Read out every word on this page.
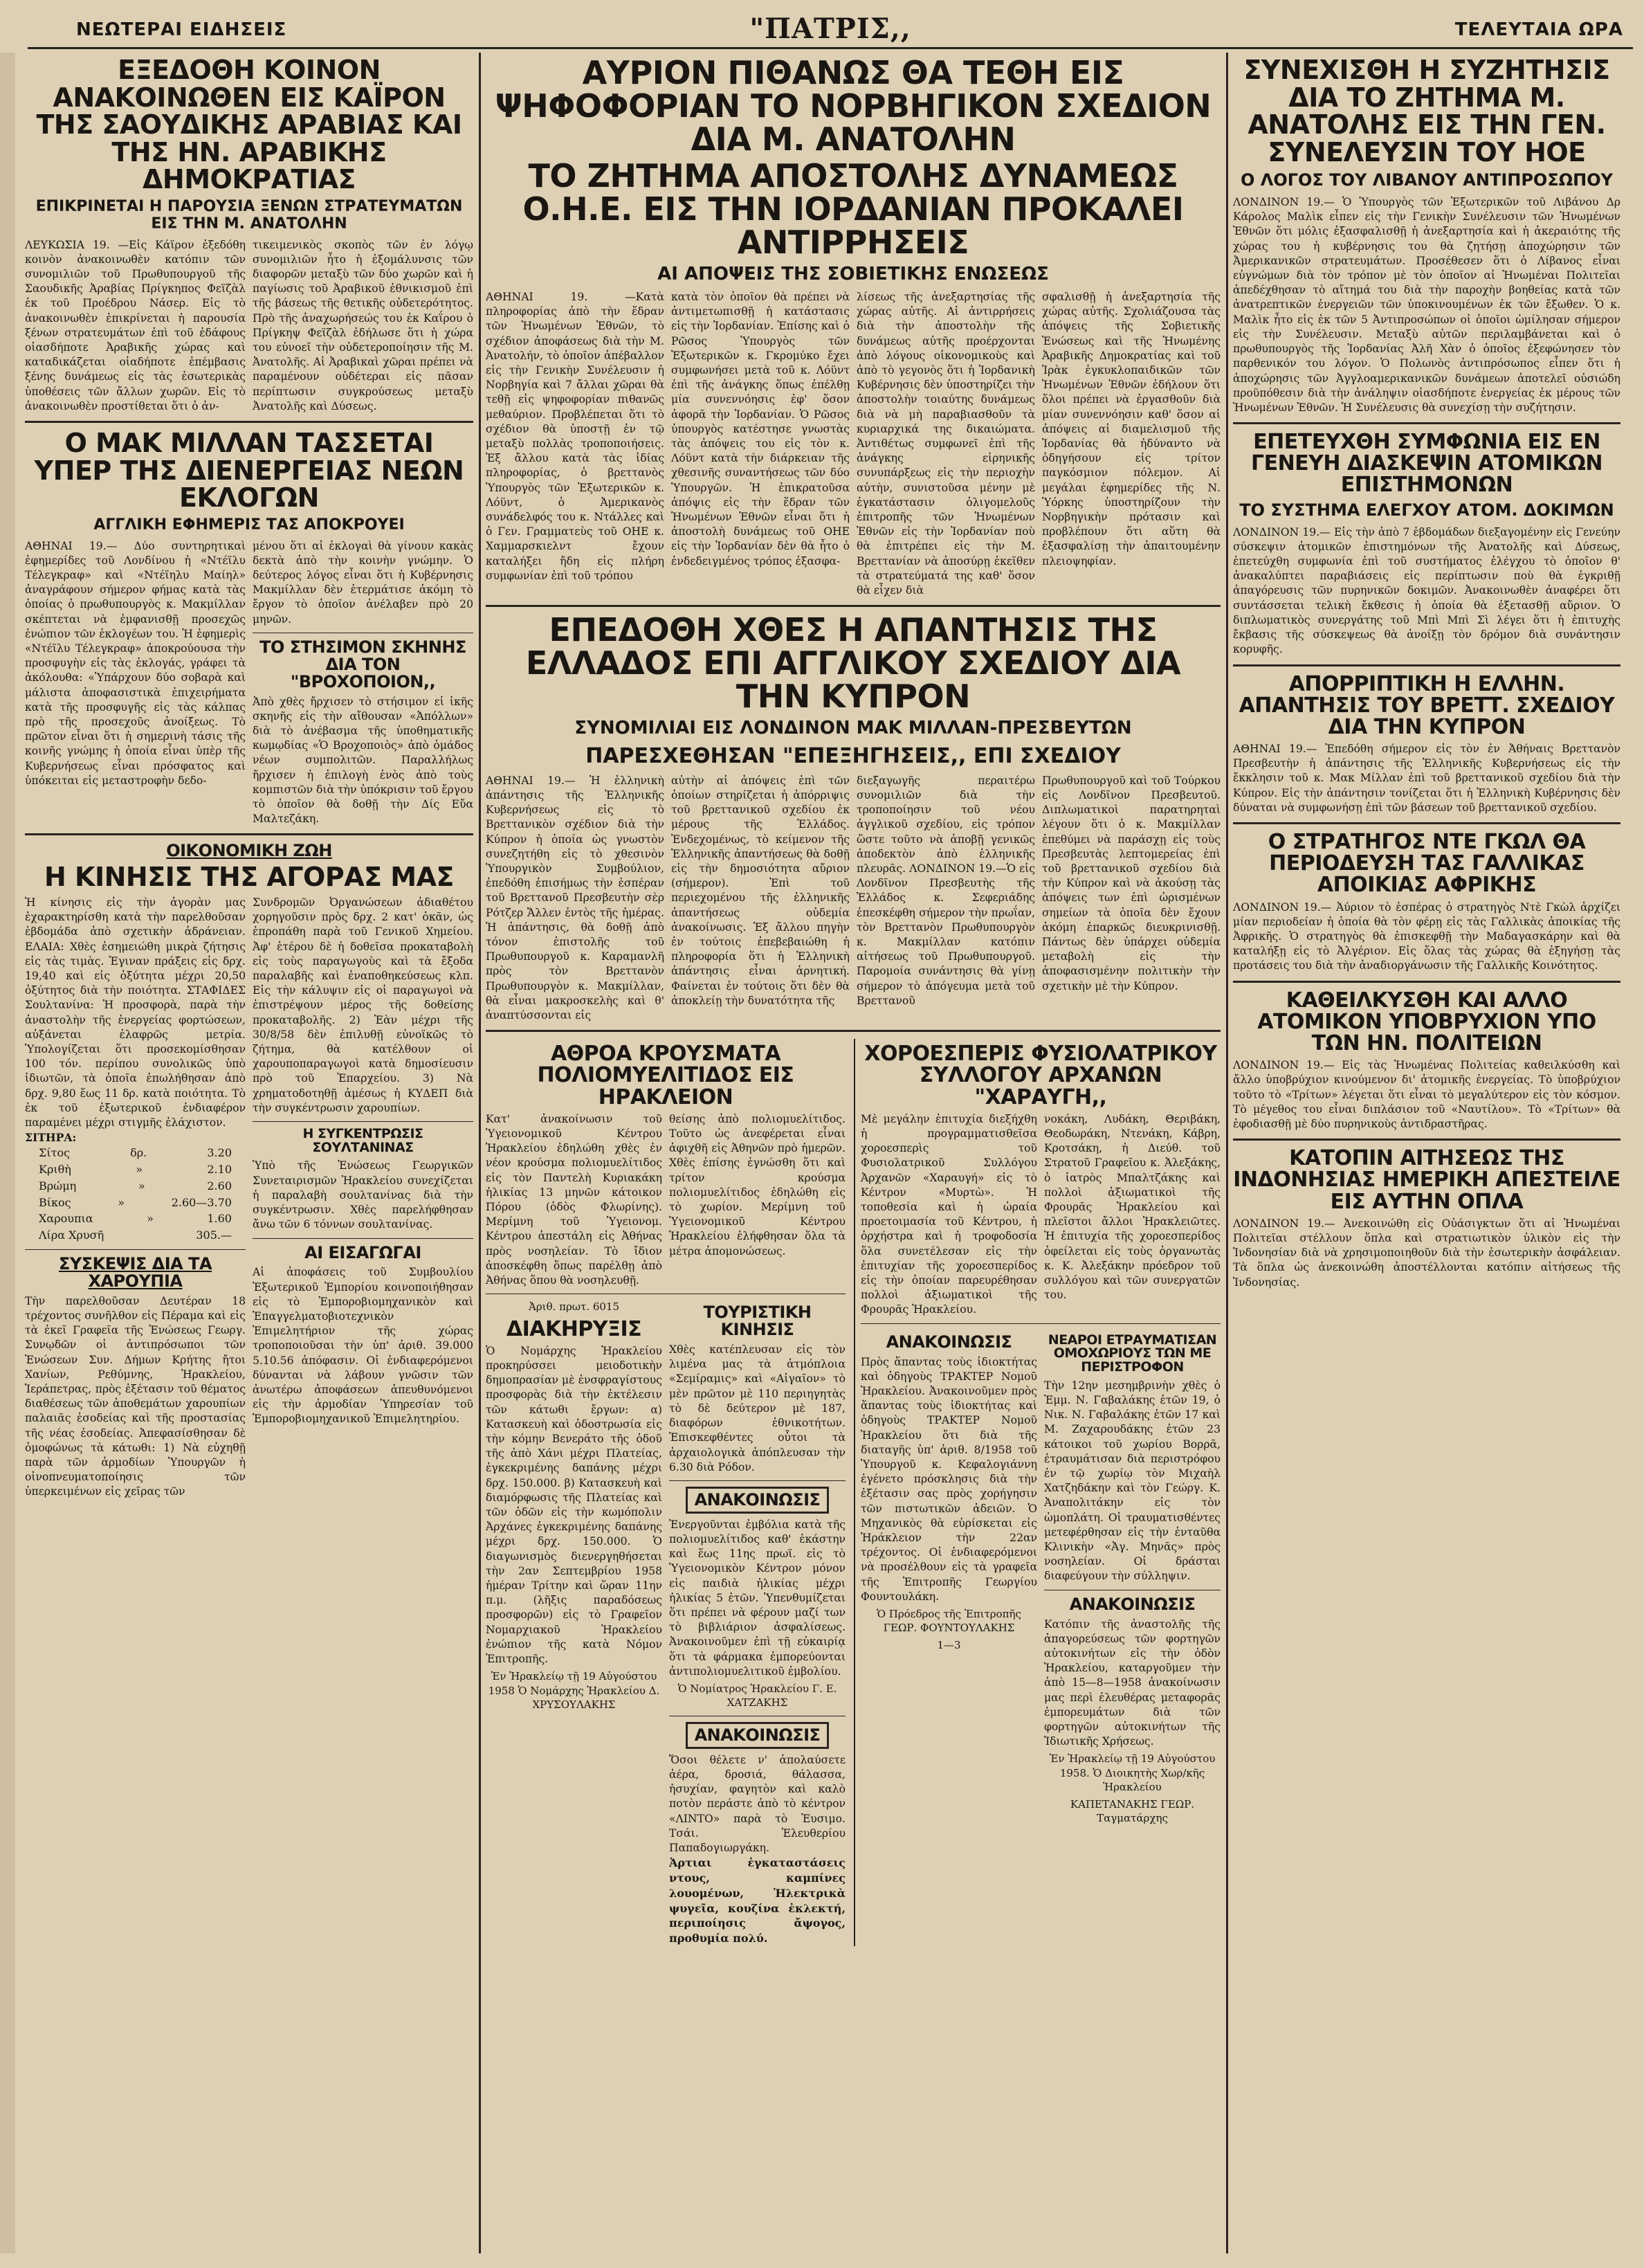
ΝΕΩΤΕΡΑΙ ΕΙΔΗΣΕΙΣ	"ΠΑΤΡΙΣ,,	ΤΕΛΕΥΤΑΙΑ ΩΡΑ
ΕΞΕΔΟΘΗ ΚΟΙΝΟΝ ΑΝΑΚΟΙΝΩΘΕΝ ΕΙΣ ΚΑΪΡΟΝ ΤΗΣ ΣΑΟΥΔΙΚΗΣ ΑΡΑΒΙΑΣ ΚΑΙ ΤΗΣ ΗΝ. ΑΡΑΒΙΚΗΣ ΔΗΜΟΚΡΑΤΙΑΣ
ΕΠΙΚΡΙΝΕΤΑΙ Η ΠΑΡΟΥΣΙΑ ΞΕΝΩΝ ΣΤΡΑΤΕΥΜΑΤΩΝ ΕΙΣ ΤΗΝ Μ. ΑΝΑΤΟΛΗΝ
ΛΕΥΚΩΣΙΑ 19. —Εἰς Κάϊρον ἐξεδόθη κοινὸν ἀνακοινωθὲν κατόπιν τῶν συνομιλιῶν τοῦ Πρωθυπουργοῦ τῆς Σαουδικῆς Ἀραβίας Πρίγκηπος Φεϊζὰλ ἐκ τοῦ Προέδρου Νάσερ. Εἰς τὸ ἀνακοινωθὲν ἐπικρίνεται ἡ παρουσία ξένων στρατευμάτων ἐπὶ τοῦ ἐδάφους οἱασδήποτε Ἀραβικῆς χώρας καὶ καταδικάζεται οἱαδήποτε ἐπέμβασις ξένης δυνάμεως εἰς τὰς ἐσωτερικὰς ὑποθέσεις τῶν ἄλλων χωρῶν. Εἰς τὸ ἀνακοινωθὲν προστίθεται ὅτι ὁ ἀν-
τικειμενικὸς σκοπὸς τῶν ἐν λόγῳ συνομιλιῶν ἦτο ἡ ἐξομάλυνσις τῶν διαφορῶν μεταξὺ τῶν δύο χωρῶν καὶ ἡ παγίωσις τοῦ Ἀραβικοῦ ἐθνικισμοῦ ἐπὶ τῆς βάσεως τῆς θετικῆς οὐδετερότητος. Πρὸ τῆς ἀναχωρήσεώς του ἐκ Καΐρου ὁ Πρίγκηψ Φεϊζὰλ ἐδήλωσε ὅτι ἡ χώρα του εὐνοεῖ τὴν οὐδετεροποίησιν τῆς Μ. Ἀνατολῆς. Αἱ Ἀραβικαὶ χῶραι πρέπει νὰ παραμένουν οὐδέτεραι εἰς πᾶσαν περίπτωσιν συγκρούσεως μεταξὺ Ἀνατολῆς καὶ Δύσεως.
Ο ΜΑΚ ΜΙΛΛΑΝ ΤΑΣΣΕΤΑΙ ΥΠΕΡ ΤΗΣ ΔΙΕΝΕΡΓΕΙΑΣ ΝΕΩΝ ΕΚΛΟΓΩΝ
ΑΓΓΛΙΚΗ ΕΦΗΜΕΡΙΣ ΤΑΣ ΑΠΟΚΡΟΥΕΙ
ΑΘΗΝΑΙ 19.— Δύο συντηρητικαὶ ἐφημερίδες τοῦ Λονδίνου ἡ «Ντέϊλυ Τέλεγκραφ» καὶ «Ντέϊηλυ Μαίηλ» ἀναγράφουν σήμερον φήμας κατὰ τὰς ὁποίας ὁ πρωθυπουργὸς κ. Μακμίλλαν σκέπτεται νὰ ἐμφανισθῇ προσεχῶς ἐνώπιον τῶν ἐκλογέων του. Ἡ ἐφημερὶς «Ντέϊλυ Τέλεγκραφ» ἀποκρούουσα τὴν προσφυγὴν εἰς τὰς ἐκλογάς, γράφει τὰ ἀκόλουθα: «Ὑπάρχουν δύο σοβαρὰ καὶ μάλιστα ἀποφασιστικὰ ἐπιχειρήματα κατὰ τῆς προσφυγῆς εἰς τὰς κάλπας πρὸ τῆς προσεχοῦς ἀνοίξεως. Τὸ πρῶτον εἶναι ὅτι ἡ σημερινὴ τάσις τῆς κοινῆς γνώμης ἡ ὁποία εἶναι ὑπὲρ τῆς Κυβερνήσεως εἶναι πρόσφατος καὶ ὑπόκειται εἰς μεταστροφὴν δεδο-
μένου ὅτι αἱ ἐκλογαὶ θὰ γίνουν κακὰς δεκτὰ ἀπὸ τὴν κοινὴν γνώμην. Ὁ δεύτερος λόγος εἶναι ὅτι ἡ Κυβέρνησις Μακμίλλαν δὲν ἐτερμάτισε ἀκόμη τὸ ἔργον τὸ ὁποῖον ἀνέλαβεν πρὸ 20 μηνῶν.
ΤΟ ΣΤΗΣΙΜΟΝ ΣΚΗΝΗΣ ΔΙΑ ΤΟΝ "ΒΡΟΧΟΠΟΙΟΝ,,
Ἀπὸ χθὲς ἤρχισεν τὸ στήσιμον εἰ ἰκῆς σκηνῆς εἰς τὴν αἴθουσαν «Ἀπόλλων» διὰ τὸ ἀνέβασμα τῆς ὑποθηματικῆς κωμῳδίας «Ὁ Βροχοποιὸς» ἀπὸ ὁμάδος νέων συμπολιτῶν. Παραλλήλως ἤρχισεν ἡ ἐπιλογὴ ἑνὸς ἀπὸ τοὺς κομπιστῶν διὰ τὴν ὑπόκρισιν τοῦ ἔργου τὸ ὁποῖον θὰ δοθῇ τὴν Δίς Εὔα Μαλτεζάκη.
ΟΙΚΟΝΟΜΙΚΗ ΖΩΗ
Η ΚΙΝΗΣΙΣ ΤΗΣ ΑΓΟΡΑΣ ΜΑΣ
Ἡ κίνησις εἰς τὴν ἀγορὰν μας ἐχαρακτηρίσθη κατὰ τὴν παρελθοῦσαν ἑβδομάδα ἀπὸ σχετικὴν ἀδράνειαν. ΕΛΑΙΑ: Χθὲς ἐσημειώθη μικρὰ ζήτησις εἰς τὰς τιμὰς. Ἐγιναν πράξεις εἰς δρχ. 19,40 καὶ εἰς ὀξύτητα μέχρι 20,50 ὀξύτητος διὰ τὴν ποιότητα. ΣΤΑΦΙΔΕΣ Σουλτανίνα: Ἡ προσφορὰ, παρὰ τὴν ἀναστολὴν τῆς ἐνεργείας φορτώσεων, αὐξάνεται ἐλαφρῶς μετρία. Ὑπολογίζεται ὅτι προσεκομίσθησαν 100 τόν. περίπου συνολικῶς ὑπὸ ἰδιωτῶν, τὰ ὁποῖα ἐπωλήθησαν ἀπὸ δρχ. 9,80 ἕως 11 δρ. κατὰ ποιότητα. Τὸ ἐκ τοῦ ἐξωτερικοῦ ἐνδιαφέρον παραμένει μέχρι στιγμῆς ἐλάχιστον.
ΣΙΤΗΡΑ:
Σίτος	δρ.	3.20
Κριθὴ	»	2.10
Βρώμη	»	2.60
Βίκος	»	2.60—3.70
Χαρουπια	»	1.60
Λίρα Χρυσῆ	305.—
ΣΥΣΚΕΨΙΣ ΔΙΑ ΤΑ ΧΑΡΟΥΠΙΑ
Τὴν παρελθοῦσαν Δευτέραν 18 τρέχοντος συνῆλθον εἰς Πέραμα καὶ εἰς τὰ ἐκεῖ Γραφεῖα τῆς Ἑνώσεως Γεωργ. Συνῳδῶν οἱ ἀντιπρόσωποι τῶν Ἑνώσεων Συν. Δήμων Κρήτης ἤτοι Χανίων, Ρεθύμνης, Ἡρακλείου, Ἱεράπετρας, πρὸς ἐξέτασιν τοῦ θέματος διαθέσεως τῶν ἀποθεμάτων χαρουπίων παλαιᾶς ἐσοδείας καὶ τῆς προστασίας τῆς νέας ἐσοδείας. Ἀπεφασίσθησαν δὲ ὁμοφώνως τὰ κάτωθι: 1) Νὰ εὐχηθῇ παρὰ τῶν ἁρμοδίων Ὑπουργῶν ἡ οἰνοπνευματοποίησις τῶν ὑπερκειμένων εἰς χεῖρας τῶν
Συνδρομῶν Ὀργανώσεων ἀδιαθέτου χορηγοῦσιν πρὸς δρχ. 2 κατ' ὀκᾶν, ὡς ἐπροπάθη παρὰ τοῦ Γενικοῦ Χημείου. Ἀφ' ἑτέρου δὲ ἡ δοθεῖσα προκαταβολὴ εἰς τοὺς παραγωγοὺς καὶ τὰ ἔξοδα παραλαβῆς καὶ ἐναποθηκεύσεως κλπ. Εἰς τὴν κάλυψιν εἰς οἱ παραγωγοὶ νὰ ἐπιστρέψουν μέρος τῆς δοθείσης προκαταβολῆς. 2) Ἐὰν μέχρι τῆς 30/8/58 δὲν ἐπιλυθῇ εὐνοϊκῶς τὸ ζήτημα, θὰ κατέλθουν οἱ χαρουποπαραγωγοὶ κατὰ δημοσίευσιν πρὸ τοῦ Ἐπαρχείου. 3) Νὰ χρηματοδοτηθῇ ἀμέσως ἡ ΚΥΔΕΠ διὰ τὴν συγκέντρωσιν χαρουπίων.
Η ΣΥΓΚΕΝΤΡΩΣΙΣ ΣΟΥΛΤΑΝΙΝΑΣ
Ὑπὸ τῆς Ἑνώσεως Γεωργικῶν Συνεταιρισμῶν Ἡρακλείου συνεχίζεται ἡ παραλαβὴ σουλτανίνας διὰ τὴν συγκέντρωσιν. Χθὲς παρελήφθησαν ἄνω τῶν 6 τόννων σουλτανίνας.
ΑΙ ΕΙΣΑΓΩΓΑΙ
Αἱ ἀποφάσεις τοῦ Συμβουλίου Ἐξωτερικοῦ Ἐμπορίου κοινοποιήθησαν εἰς τὸ Ἐμποροβιομηχανικὸν καὶ Ἐπαγγελματοβιοτεχνικὸν Ἐπιμελητήριον τῆς χώρας τροποποιοῦσαι τὴν ὑπ' ἀριθ. 39.000 5.10.56 ἀπόφασιν. Οἱ ἐνδιαφερόμενοι δύνανται νὰ λάβουν γνῶσιν τῶν ἀνωτέρω ἀποφάσεων ἀπευθυνόμενοι εἰς τὴν ἁρμοδίαν Ὑπηρεσίαν τοῦ Ἐμποροβιομηχανικοῦ Ἐπιμελητηρίου.
ΑΥΡΙΟΝ ΠΙΘΑΝΩΣ ΘΑ ΤΕΘΗ ΕΙΣ ΨΗΦΟΦΟΡΙΑΝ ΤΟ ΝΟΡΒΗΓΙΚΟΝ ΣΧΕΔΙΟΝ ΔΙΑ Μ. ΑΝΑΤΟΛΗΝ
ΤΟ ΖΗΤΗΜΑ ΑΠΟΣΤΟΛΗΣ ΔΥΝΑΜΕΩΣ Ο.Η.Ε. ΕΙΣ ΤΗΝ ΙΟΡΔΑΝΙΑΝ ΠΡΟΚΑΛΕΙ ΑΝΤΙΡΡΗΣΕΙΣ
ΑΙ ΑΠΟΨΕΙΣ ΤΗΣ ΣΟΒΙΕΤΙΚΗΣ ΕΝΩΣΕΩΣ
ΑΘΗΝΑΙ 19. —Κατὰ πληροφορίας ἀπὸ τὴν ἕδραν τῶν Ἡνωμένων Ἐθνῶν, τὸ σχέδιον ἀποφάσεως διὰ τὴν Μ. Ἀνατολήν, τὸ ὁποῖον ἀπέβαλλον εἰς τὴν Γενικὴν Συνέλευσιν ἡ Νορβηγία καὶ 7 ἄλλαι χῶραι θὰ τεθῇ εἰς ψηφοφορίαν πιθανῶς μεθαύριον. Προβλέπεται ὅτι τὸ σχέδιον θὰ ὑποστῇ ἐν τῷ μεταξὺ πολλὰς τροποποιήσεις. Ἐξ ἄλλου κατὰ τὰς ἰδίας πληροφορίας, ὁ βρεττανὸς Ὑπουργὸς τῶν Ἐξωτερικῶν κ. Λόϋντ, ὁ Ἀμερικανὸς συνάδελφός του κ. Ντάλλες καὶ ὁ Γεν. Γραμματεὺς τοῦ ΟΗΕ κ. Χαμμαρσκιελντ ἔχουν καταλήξει ἤδη εἰς πλήρη συμφωνίαν ἐπὶ τοῦ τρόπου
κατὰ τὸν ὁποῖον θὰ πρέπει νὰ ἀντιμετωπισθῇ ἡ κατάστασις εἰς τὴν Ἰορδανίαν. Ἐπίσης καὶ ὁ Ρῶσος Ὑπουργὸς τῶν Ἐξωτερικῶν κ. Γκρομύκο ἔχει συμφωνήσει μετὰ τοῦ κ. Λόϋντ ἐπὶ τῆς ἀνάγκης ὅπως ἐπέλθῃ μία συνεννόησις ἐφ' ὅσον ἀφορᾶ τὴν Ἰορδανίαν. Ὁ Ρῶσος ὑπουργὸς κατέστησε γνωστὰς τὰς ἀπόψεις του εἰς τὸν κ. Λόϋντ κατὰ τὴν διάρκειαν τῆς χθεσινῆς συναντήσεως τῶν δύο Ὑπουργῶν. Ἡ ἐπικρατοῦσα ἀπόψις εἰς τὴν ἕδραν τῶν Ἡνωμένων Ἐθνῶν εἶναι ὅτι ἡ ἀποστολὴ δυνάμεως τοῦ ΟΗΕ εἰς τὴν Ἰορδανίαν δὲν θὰ ἦτο ὁ ἐνδεδειγμένος τρόπος ἐξασφα-
λίσεως τῆς ἀνεξαρτησίας τῆς χώρας αὐτῆς. Αἱ ἀντιρρήσεις διὰ τὴν ἀποστολὴν τῆς δυνάμεως αὐτῆς προέρχονται ἀπὸ λόγους οἰκονομικοὺς καὶ ἀπὸ τὸ γεγονὸς ὅτι ἡ Ἰορδανικὴ Κυβέρνησις δὲν ὑποστηρίζει τὴν ἀποστολὴν τοιαύτης δυνάμεως διὰ νὰ μὴ παραβιασθοῦν τὰ κυριαρχικά της δικαιώματα. Ἀντιθέτως συμφωνεῖ ἐπὶ τῆς ἀνάγκης εἰρηνικῆς συνυπάρξεως εἰς τὴν περιοχὴν αὐτὴν, συνιστοῦσα μένην μὲ ἐγκατάστασιν ὀλιγομελοῦς ἐπιτροπῆς τῶν Ἡνωμένων Ἐθνῶν εἰς τὴν Ἰορδανίαν ποὺ θὰ ἐπιτρέπει εἰς τὴν Μ. Βρεττανίαν νὰ ἀποσύρῃ ἐκεῖθεν τὰ στρατεύματά της καθ' ὅσον θὰ εἶχεν διὰ
σφαλισθῇ ἡ ἀνεξαρτησία τῆς χώρας αὐτῆς. Σχολιάζουσα τὰς ἀπόψεις τῆς Σοβιετικῆς Ἑνώσεως καὶ τῆς Ἡνωμένης Ἀραβικῆς Δημοκρατίας καὶ τοῦ Ἰρὰκ ἐγκυκλοπαιδικῶν τῶν Ἡνωμένων Ἐθνῶν ἐδήλουν ὅτι ὅλοι πρέπει νὰ ἐργασθοῦν διὰ μίαν συνεννόησιν καθ' ὅσον αἱ ἀπόψεις αἱ διαμελισμοῦ τῆς Ἰορδανίας θὰ ἠδύναντο νὰ ὁδηγήσουν εἰς τρίτον παγκόσμιον πόλεμον. Αἱ μεγάλαι ἐφημερίδες τῆς Ν. Ὑόρκης ὑποστηρίζουν τὴν Νορβηγικὴν πρότασιν καὶ προβλέπουν ὅτι αὕτη θὰ ἐξασφαλίσῃ τὴν ἀπαιτουμένην πλειοψηφίαν.
ΕΠΕΔΟΘΗ ΧΘΕΣ Η ΑΠΑΝΤΗΣΙΣ ΤΗΣ ΕΛΛΑΔΟΣ ΕΠΙ ΑΓΓΛΙΚΟΥ ΣΧΕΔΙΟΥ ΔΙΑ ΤΗΝ ΚΥΠΡΟΝ
ΣΥΝΟΜΙΛΙΑΙ ΕΙΣ ΛΟΝΔΙΝΟΝ ΜΑΚ ΜΙΛΛΑΝ-ΠΡΕΣΒΕΥΤΩΝ
ΠΑΡΕΣΧΕΘΗΣΑΝ "ΕΠΕΞΗΓΗΣΕΙΣ,, ΕΠΙ ΣΧΕΔΙΟΥ
ΑΘΗΝΑΙ 19.— Ἡ ἑλληνικὴ ἀπάντησις τῆς Ἑλληνικῆς Κυβερνήσεως εἰς τὸ Βρεττανικὸν σχέδιον διὰ τὴν Κύπρον ἡ ὁποία ὡς γνωστὸν συνεζητήθη εἰς τὸ χθεσινὸν Ὑπουργικὸν Συμβούλιον, ἐπεδόθη ἐπισήμως τὴν ἑσπέραν τοῦ Βρεττανοῦ Πρεσβευτὴν σὲρ Ρότζερ Ἄλλεν ἐντὸς τῆς ἡμέρας. Ἡ ἀπάντησις, θὰ δοθῇ ἀπὸ τόνον ἐπιστολῆς τοῦ Πρωθυπουργοῦ κ. Καραμανλῆ πρὸς τὸν Βρεττανὸν Πρωθυπουργὸν κ. Μακμίλλαν, θὰ εἶναι μακροσκελὴς καὶ θ' ἀναπτύσσονται εἰς
αὐτὴν αἱ ἀπόψεις ἐπὶ τῶν ὁποίων στηρίζεται ἡ ἀπόρριψις τοῦ βρεττανικοῦ σχεδίου ἐκ μέρους τῆς Ἑλλάδος. Ἐνδεχομένως, τὸ κείμενον τῆς Ἑλληνικῆς ἀπαντήσεως θὰ δοθῇ εἰς τὴν δημοσιότητα αὔριον (σήμερον). Ἐπὶ τοῦ περιεχομένου τῆς ἑλληνικῆς ἀπαντήσεως οὐδεμία ἀνακοίνωσις. Ἐξ ἄλλου πηγὴν ἐν τούτοις ἐπεβεβαιώθη ἡ πληροφορία ὅτι ἡ Ἑλληνικὴ ἀπάντησις εἶναι ἀρνητική. Φαίνεται ἐν τούτοις ὅτι δὲν θὰ ἀποκλείῃ τὴν δυνατότητα τῆς
διεξαγωγῆς περαιτέρω συνομιλιῶν διὰ τὴν τροποποίησιν τοῦ νέου ἀγγλικοῦ σχεδίου, εἰς τρόπον ὥστε τοῦτο νὰ ἀποβῇ γενικῶς ἀποδεκτὸν ἀπὸ ἑλληνικῆς πλευρᾶς. ΛΟΝΔΙΝΟΝ 19.—Ὁ εἰς Λονδῖνον Πρεσβευτὴς τῆς Ἑλλάδος κ. Σεφεριάδης ἐπεσκέφθη σήμερον τὴν πρωΐαν, τὸν Βρεττανὸν Πρωθυπουργὸν κ. Μακμίλλαν κατόπιν αἰτήσεως τοῦ Πρωθυπουργοῦ. Παρομοία συνάντησις θὰ γίνῃ σήμερον τὸ ἀπόγευμα μετὰ τοῦ Βρεττανοῦ
Πρωθυπουργοῦ καὶ τοῦ Τούρκου εἰς Λονδῖνον Πρεσβευτοῦ. Διπλωματικοὶ παρατηρηταὶ λέγουν ὅτι ὁ κ. Μακμίλλαν ἐπεθύμει νὰ παράσχῃ εἰς τοὺς Πρεσβευτὰς λεπτομερείας ἐπὶ τοῦ βρεττανικοῦ σχεδίου διὰ τὴν Κύπρον καὶ νὰ ἀκούσῃ τὰς ἀπόψεις των ἐπὶ ὡρισμένων σημείων τὰ ὁποῖα δὲν ἔχουν ἀκόμη ἐπαρκῶς διευκρινισθῇ. Πάντως δὲν ὑπάρχει οὐδεμία μεταβολὴ εἰς τὴν ἀποφασισμένην πολιτικὴν τὴν σχετικὴν μὲ τὴν Κύπρον.
ΑΘΡΟΑ ΚΡΟΥΣΜΑΤΑ ΠΟΛΙΟΜΥΕΛΙΤΙΔΟΣ ΕΙΣ ΗΡΑΚΛΕΙΟΝ
Κατ' ἀνακοίνωσιν τοῦ Ὑγειονομικοῦ Κέντρου Ἡρακλείου ἐδηλώθη χθὲς ἐν νέον κρούσμα πολιομυελίτιδος εἰς τὸν Παντελὴ Κυριακάκη ἡλικίας 13 μηνῶν κάτοικον Πόρου (ὁδὸς Φλωρίνης). Μερίμνη τοῦ Ὑγειονομ. Κέντρου ἀπεστάλη εἰς Ἀθήνας πρὸς νοσηλείαν. Τὸ ἴδιον ἀποσκέφθη ὅπως παρέλθῃ ἀπὸ Ἀθήνας ὅπου θὰ νοσηλευθῇ.
θείσης ἀπὸ πολιομυελίτιδος. Τοῦτο ὡς ἀνεφέρεται εἶναι ἀφιχθῆ εἰς Ἀθηνῶν πρὸ ἡμερῶν. Χθὲς ἐπίσης ἐγνώσθη ὅτι καὶ τρίτον κρούσμα πολιομυελίτιδος ἐδηλώθη εἰς τὸ χωρίον. Μερίμνη τοῦ Ὑγειονομικοῦ Κέντρου Ἡρακλείου ἐλήφθησαν ὅλα τὰ μέτρα ἀπομονώσεως.
Ἀριθ. πρωτ. 6015
ΔΙΑΚΗΡΥΞΙΣ
Ὁ Νομάρχης Ἡρακλείου προκηρύσσει μειοδοτικὴν δημοπρασίαν μὲ ἐνσφραγίστους προσφορὰς διὰ τὴν ἐκτέλεσιν τῶν κάτωθι ἔργων: α) Κατασκευὴ καὶ ὁδοστρωσία εἰς τὴν κόμην Βενεράτο τῆς ὁδοῦ τῆς ἀπὸ Χάνι μέχρι Πλατείας, ἐγκεκριμένης δαπάνης μέχρι δρχ. 150.000. β) Κατασκευὴ καὶ διαμόρφωσις τῆς Πλατείας καὶ τῶν ὁδῶν εἰς τὴν κωμόπολιν Ἀρχάνες ἐγκεκριμένης δαπάνης μέχρι δρχ. 150.000. Ὁ διαγωνισμὸς διενεργηθήσεται τὴν 2αν Σεπτεμβρίου 1958 ἡμέραν Τρίτην καὶ ὥραν 11ην π.μ. (λῆξις παραδόσεως προσφορῶν) εἰς τὸ Γραφεῖον Νομαρχιακοῦ Ἡρακλείου ἐνώπιον τῆς κατὰ Νόμον Ἐπιτροπῆς.
Ἐν Ἡρακλείῳ τῇ 19 Αὐγούστου 1958 Ὁ Νομάρχης Ἡρακλείου Δ. ΧΡΥΣΟΥΛΑΚΗΣ
ΤΟΥΡΙΣΤΙΚΗ ΚΙΝΗΣΙΣ
Χθὲς κατέπλευσαν εἰς τὸν λιμένα μας τὰ ἀτμόπλοια «Σεμίραμις» καὶ «Αἰγαῖον» τὸ μὲν πρῶτον μὲ 110 περιηγητὰς τὸ δὲ δεύτερον μὲ 187, διαφόρων ἐθνικοτήτων. Ἐπισκεφθέντες οὗτοι τὰ ἀρχαιολογικὰ ἀπόπλευσαν τὴν 6.30 διὰ Ρόδον.
ΑΝΑΚΟΙΝΩΣΙΣ
Ἐνεργοῦνται ἐμβόλια κατὰ τῆς πολιομυελίτιδος καθ' ἑκάστην καὶ ἕως 11ης πρωϊ. εἰς τὸ Ὑγειονομικὸν Κέντρον μόνον εἰς παιδιὰ ἡλικίας μέχρι ἡλικίας 5 ἐτῶν. Ὑπενθυμίζεται ὅτι πρέπει νὰ φέρουν μαζί των τὸ βιβλιάριον ἀσφαλίσεως. Ἀνακοινοῦμεν ἐπὶ τῇ εὐκαιρίᾳ ὅτι τὰ φάρμακα ἐμπορεύονται ἀντιπολιομυελιτικοῦ ἐμβολίου.
Ὁ Νομίατρος Ἡρακλείου Γ. Ε. ΧΑΤΖΑΚΗΣ
ΑΝΑΚΟΙΝΩΣΙΣ
Ὅσοι θέλετε ν' ἀπολαύσετε ἀέρα, δροσιά, θάλασσα, ἡσυχίαν, φαγητὸν καὶ καλὸ ποτὸν περάστε ἀπὸ τὸ κέντρον «ΛΙΝΤΟ» παρὰ τὸ Ἐυσιμο. Τσάι. Ἐλευθερίου Παπαδογιωργάκη.
Ἀρτιαι ἐγκαταστάσεις ντους, καμπίνες λουομένων, Ἠλεκτρικὰ ψυγεῖα, κουζίνα ἐκλεκτή, περιποίησις ἄψογος, προθυμία πολύ.
ΧΟΡΟΕΣΠΕΡΙΣ ΦΥΣΙΟΛΑΤΡΙΚΟΥ ΣΥΛΛΟΓΟΥ ΑΡΧΑΝΩΝ "ΧΑΡΑΥΓΗ,,
Μὲ μεγάλην ἐπιτυχία διεξήχθη ἡ προγραμματισθεῖσα χοροεσπερὶς τοῦ Φυσιολατρικοῦ Συλλόγου Ἀρχανῶν «Χαραυγή» εἰς τὸ Κέντρον «Μυρτὼ». Ἡ τοποθεσία καὶ ἡ ὡραία προετοιμασία τοῦ Κέντρου, ἡ ὀρχήστρα καὶ ἡ τροφοδοσία ὅλα συνετέλεσαν εἰς τὴν ἐπιτυχίαν τῆς χοροεσπερίδος εἰς τὴν ὁποίαν παρευρέθησαν πολλοὶ ἀξιωματικοὶ τῆς Φρουρᾶς Ἡρακλείου.
νοκάκη, Λυδάκη, Θεριβάκη, Θεοδωράκη, Ντενάκη, Κάβρη, Κροτσάκη, ἡ Διεύθ. τοῦ Στρατοῦ Γραφεῖου κ. Ἀλεξάκης, ὁ ἰατρὸς Μπαλτζάκης καὶ πολλοὶ ἀξιωματικοὶ τῆς Φρουρᾶς Ἡρακλείου καὶ πλεῖστοι ἄλλοι Ἡρακλειῶτες. Ἡ ἐπιτυχία τῆς χοροεσπερίδος ὀφείλεται εἰς τοὺς ὀργανωτὰς κ. Κ. Ἀλεξάκην πρόεδρον τοῦ συλλόγου καὶ τῶν συνεργατῶν του.
ΑΝΑΚΟΙΝΩΣΙΣ
Πρὸς ἅπαντας τοὺς ἰδιοκτήτας καὶ ὁδηγοὺς ΤΡΑΚΤΕΡ Νομοῦ Ἡρακλείου. Ἀνακοινοῦμεν πρὸς ἅπαντας τοὺς ἰδιοκτήτας καὶ ὁδηγοὺς ΤΡΑΚΤΕΡ Νομοῦ Ἡρακλείου ὅτι διὰ τῆς διαταγῆς ὑπ' ἀριθ. 8/1958 τοῦ Ὑπουργοῦ κ. Κεφαλογιάννη ἐγένετο πρόσκλησις διὰ τὴν ἐξέτασιν σας πρὸς χορήγησιν τῶν πιστωτικῶν ἀδειῶν. Ὁ Μηχανικὸς θὰ εὑρίσκεται εἰς Ἡράκλειον τὴν 22αν τρέχοντος. Οἱ ἐνδιαφερόμενοι νὰ προσέλθουν εἰς τὰ γραφεῖα τῆς Ἐπιτροπῆς Γεωργίου Φουντουλάκη.
Ὁ Πρόεδρος τῆς Ἐπιτροπῆς ΓΕΩΡ. ΦΟΥΝΤΟΥΛΑΚΗΣ
1—3
ΝΕΑΡΟΙ ΕΤΡΑΥΜΑΤΙΣΑΝ ΟΜΟΧΩΡΙΟΥΣ ΤΩΝ ΜΕ ΠΕΡΙΣΤΡΟΦΟΝ
Τὴν 12ην μεσημβρινὴν χθὲς ὁ Ἐμμ. Ν. Γαβαλάκης ἐτῶν 19, ὁ Νικ. Ν. Γαβαλάκης ἐτῶν 17 καὶ Μ. Ζαχαρουδάκης ἐτῶν 23 κάτοικοι τοῦ χωρίου Βορρᾶ, ἐτραυμάτισαν διὰ περιστρόφου ἐν τῷ χωρίῳ τὸν Μιχαὴλ Χατζηδάκην καὶ τὸν Γεώργ. Κ. Ἀναπολιτάκην εἰς τὸν ὠμοπλάτη. Οἱ τραυματισθέντες μετεφέρθησαν εἰς τὴν ἐνταῦθα Κλινικὴν «Ἀγ. Μηνᾶς» πρὸς νοσηλείαν. Οἱ δράσται διαφεύγουν τὴν σύλληψιν.
ΑΝΑΚΟΙΝΩΣΙΣ
Κατόπιν τῆς ἀναστολῆς τῆς ἀπαγορεύσεως τῶν φορτηγῶν αὐτοκινήτων εἰς τὴν ὁδὸν Ἡρακλείου, καταργοῦμεν τὴν ἀπὸ 15—8—1958 ἀνακοίνωσιν μας περὶ ἐλευθέρας μεταφορᾶς ἐμπορευμάτων διὰ τῶν φορτηγῶν αὐτοκινήτων τῆς Ἰδιωτικῆς Χρήσεως.
Ἐν Ἡρακλείῳ τῇ 19 Αὐγούστου 1958. Ὁ Διοικητὴς Χωρ/κῆς Ἡρακλείου
ΚΑΠΕΤΑΝΑΚΗΣ ΓΕΩΡ. Ταγματάρχης
ΣΥΝΕΧΙΣΘΗ Η ΣΥΖΗΤΗΣΙΣ ΔΙΑ ΤΟ ΖΗΤΗΜΑ Μ. ΑΝΑΤΟΛΗΣ ΕΙΣ ΤΗΝ ΓΕΝ. ΣΥΝΕΛΕΥΣΙΝ ΤΟΥ ΗΟΕ
Ο ΛΟΓΟΣ ΤΟΥ ΛΙΒΑΝΟΥ ΑΝΤΙΠΡΟΣΩΠΟΥ
ΛΟΝΔΙΝΟΝ 19.— Ὁ Ὑπουργὸς τῶν Ἐξωτερικῶν τοῦ Λιβάνου Δρ Κάρολος Μαλὶκ εἶπεν εἰς τὴν Γενικὴν Συνέλευσιν τῶν Ἡνωμένων Ἐθνῶν ὅτι μόλις ἐξασφαλισθῇ ἡ ἀνεξαρτησία καὶ ἡ ἀκεραιότης τῆς χώρας του ἡ κυβέρνησις του θὰ ζητήσῃ ἀποχώρησιν τῶν Ἀμερικανικῶν στρατευμάτων. Προσέθεσεν ὅτι ὁ Λίβανος εἶναι εὐγνώμων διὰ τὸν τρόπον μὲ τὸν ὁποῖον αἱ Ἡνωμέναι Πολιτεῖαι ἀπεδέχθησαν τὸ αἴτημά του διὰ τὴν παροχὴν βοηθείας κατὰ τῶν ἀνατρεπτικῶν ἐνεργειῶν τῶν ὑποκινουμένων ἐκ τῶν ἔξωθεν. Ὁ κ. Μαλὶκ ἦτο εἰς ἐκ τῶν 5 Ἀντιπροσώπων οἱ ὁποῖοι ὡμίλησαν σήμερον εἰς τὴν Συνέλευσιν. Μεταξὺ αὐτῶν περιλαμβάνεται καὶ ὁ πρωθυπουργὸς τῆς Ἰορδανίας Ἀλῆ Χὰν ὁ ὁποῖος ἐξεφώνησεν τὸν παρθενικόν του λόγον. Ὁ Πολωνὸς ἀντιπρόσωπος εἶπεν ὅτι ἡ ἀποχώρησις τῶν Ἀγγλοαμερικανικῶν δυνάμεων ἀποτελεῖ οὐσιώδη προϋπόθεσιν διὰ τὴν ἀνάληψιν οἱασδήποτε ἐνεργείας ἐκ μέρους τῶν Ἡνωμένων Ἐθνῶν. Ἡ Συνέλευσις θὰ συνεχίσῃ τὴν συζήτησιν.
ΕΠΕΤΕΥΧΘΗ ΣΥΜΦΩΝΙΑ ΕΙΣ ΕΝ ΓΕΝΕΥΗ ΔΙΑΣΚΕΨΙΝ ΑΤΟΜΙΚΩΝ ΕΠΙΣΤΗΜΟΝΩΝ
ΤΟ ΣΥΣΤΗΜΑ ΕΛΕΓΧΟΥ ΑΤΟΜ. ΔΟΚΙΜΩΝ
ΛΟΝΔΙΝΟΝ 19.— Εἰς τὴν ἀπὸ 7 ἑβδομάδων διεξαγομένην εἰς Γενεύην σύσκεψιν ἀτομικῶν ἐπιστημόνων τῆς Ἀνατολῆς καὶ Δύσεως, ἐπετεύχθη συμφωνία ἐπὶ τοῦ συστήματος ἐλέγχου τὸ ὁποῖον θ' ἀνακαλύπτει παραβιάσεις εἰς περίπτωσιν ποὺ θὰ ἐγκριθῇ ἀπαγόρευσις τῶν πυρηνικῶν δοκιμῶν. Ἀνακοινωθὲν ἀναφέρει ὅτι συντάσσεται τελικὴ ἔκθεσις ἡ ὁποία θὰ ἐξετασθῇ αὔριον. Ὁ διπλωματικὸς συνεργάτης τοῦ Μπὶ Μπὶ Σὶ λέγει ὅτι ἡ ἐπιτυχὴς ἔκβασις τῆς σύσκεψεως θὰ ἀνοίξῃ τὸν δρόμον διὰ συνάντησιν κορυφῆς.
ΑΠΟΡΡΙΠΤΙΚΗ Η ΕΛΛΗΝ. ΑΠΑΝΤΗΣΙΣ ΤΟΥ ΒΡΕΤΤ. ΣΧΕΔΙΟΥ ΔΙΑ ΤΗΝ ΚΥΠΡΟΝ
ΑΘΗΝΑΙ 19.— Ἐπεδόθη σήμερον εἰς τὸν ἐν Ἀθήναις Βρεττανὸν Πρεσβευτὴν ἡ ἀπάντησις τῆς Ἑλληνικῆς Κυβερνήσεως εἰς τὴν ἔκκλησιν τοῦ κ. Μακ Μίλλαν ἐπὶ τοῦ βρεττανικοῦ σχεδίου διὰ τὴν Κύπρον. Εἰς τὴν ἀπάντησιν τονίζεται ὅτι ἡ Ἑλληνικὴ Κυβέρνησις δὲν δύναται νὰ συμφωνήσῃ ἐπὶ τῶν βάσεων τοῦ βρεττανικοῦ σχεδίου.
Ο ΣΤΡΑΤΗΓΟΣ ΝΤΕ ΓΚΩΛ ΘΑ ΠΕΡΙΟΔΕΥΣΗ ΤΑΣ ΓΑΛΛΙΚΑΣ ΑΠΟΙΚΙΑΣ ΑΦΡΙΚΗΣ
ΛΟΝΔΙΝΟΝ 19.— Ἀύριον τὸ ἑσπέρας ὁ στρατηγὸς Ντὲ Γκὼλ ἀρχίζει μίαν περιοδείαν ἡ ὁποία θὰ τὸν φέρῃ εἰς τὰς Γαλλικὰς ἀποικίας τῆς Ἀφρικῆς. Ὁ στρατηγὸς θὰ ἐπισκεφθῇ τὴν Μαδαγασκάρην καὶ θὰ καταλήξῃ εἰς τὸ Ἀλγέριον. Εἰς ὅλας τὰς χώρας θὰ ἐξηγήσῃ τὰς προτάσεις του διὰ τὴν ἀναδιοργάνωσιν τῆς Γαλλικῆς Κοινότητος.
ΚΑΘΕΙΛΚΥΣΘΗ ΚΑΙ ΑΛΛΟ ΑΤΟΜΙΚΟΝ ΥΠΟΒΡΥΧΙΟΝ ΥΠΟ ΤΩΝ ΗΝ. ΠΟΛΙΤΕΙΩΝ
ΛΟΝΔΙΝΟΝ 19.— Εἰς τὰς Ἡνωμένας Πολιτείας καθειλκύσθη καὶ ἄλλο ὑποβρύχιον κινούμενον δι' ἀτομικῆς ἐνεργείας. Τὸ ὑποβρύχιον τοῦτο τὸ «Τρίτων» λέγεται ὅτι εἶναι τὸ μεγαλύτερον εἰς τὸν κόσμον. Τὸ μέγεθος του εἶναι διπλάσιον τοῦ «Ναυτίλου». Τὸ «Τρίτων» θὰ ἐφοδιασθῇ μὲ δύο πυρηνικοὺς ἀντιδραστῆρας.
ΚΑΤΟΠΙΝ ΑΙΤΗΣΕΩΣ ΤΗΣ ΙΝΔΟΝΗΣΙΑΣ ΗΜΕΡΙΚΗ ΑΠΕΣΤΕΙΛΕ ΕΙΣ ΑΥΤΗΝ ΟΠΛΑ
ΛΟΝΔΙΝΟΝ 19.— Ἀνεκοινώθη εἰς Οὐάσιγκτων ὅτι αἱ Ἡνωμέναι Πολιτεῖαι στέλλουν ὅπλα καὶ στρατιωτικὸν ὑλικὸν εἰς τὴν Ἰνδονησίαν διὰ νὰ χρησιμοποιηθοῦν διὰ τὴν ἐσωτερικὴν ἀσφάλειαν. Τὰ ὅπλα ὡς ἀνεκοινώθη ἀποστέλλονται κατόπιν αἰτήσεως τῆς Ἰνδονησίας.
